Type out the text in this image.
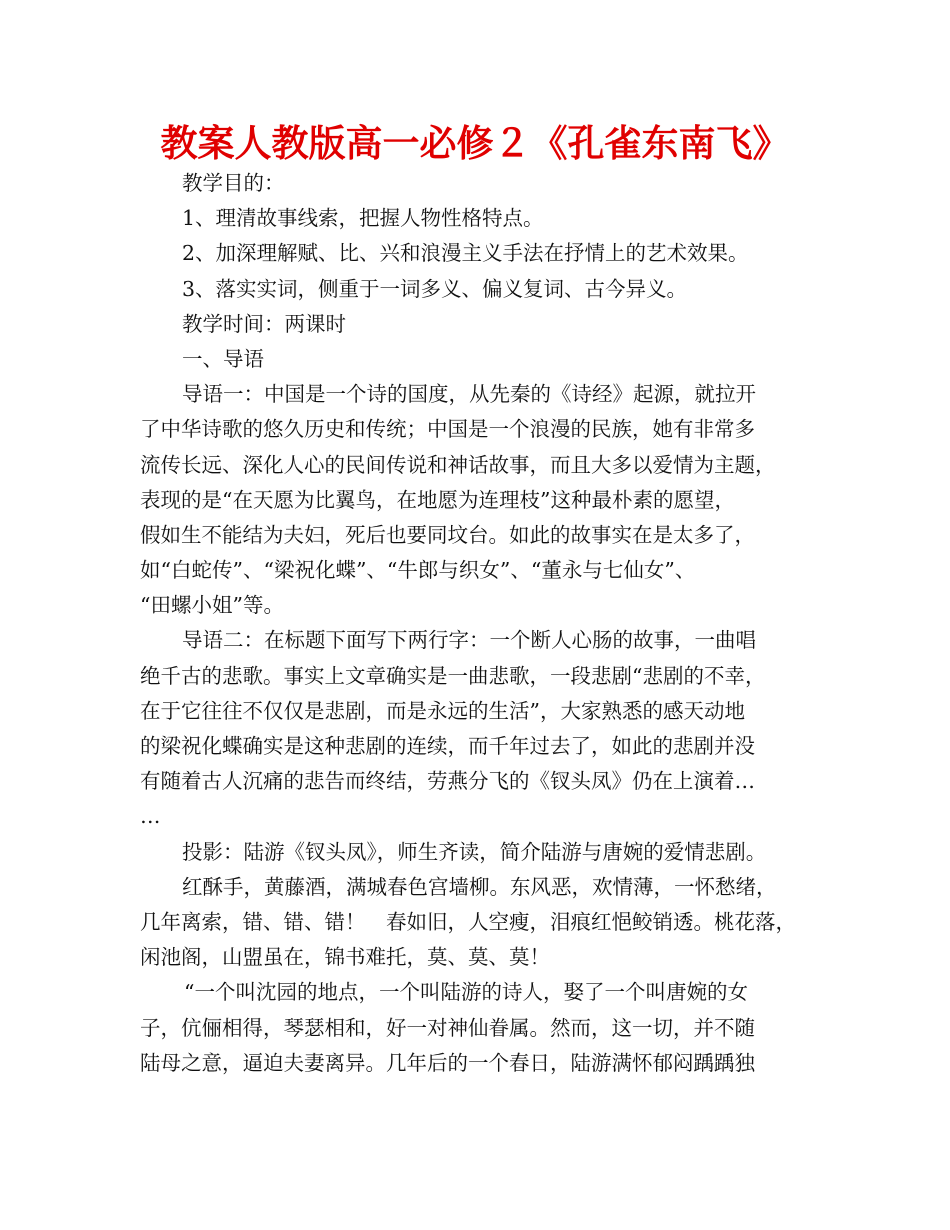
教案人教版高一必修２《孔雀东南飞》
教学目的：
1、理清故事线索，把握人物性格特点。
2、加深理解赋、比、兴和浪漫主义手法在抒情上的艺术效果。
3、落实实词，侧重于一词多义、偏义复词、古今异义。
教学时间：两课时
一、导语
导语一：中国是一个诗的国度，从先秦的《诗经》起源，就拉开
了中华诗歌的悠久历史和传统；中国是一个浪漫的民族，她有非常多
流传长远、深化人心的民间传说和神话故事，而且大多以爱情为主题，
表现的是“在天愿为比翼鸟，在地愿为连理枝”这种最朴素的愿望，
假如生不能结为夫妇，死后也要同坟台。如此的故事实在是太多了，
如“白蛇传”、“梁祝化蝶”、“牛郎与织女”、“董永与七仙女”、
“田螺小姐”等。
导语二：在标题下面写下两行字：一个断人心肠的故事，一曲唱
绝千古的悲歌。事实上文章确实是一曲悲歌，一段悲剧“悲剧的不幸，
在于它往往不仅仅是悲剧，而是永远的生活”，大家熟悉的感天动地
的梁祝化蝶确实是这种悲剧的连续，而千年过去了，如此的悲剧并没
有随着古人沉痛的悲告而终结，劳燕分飞的《钗头凤》仍在上演着…
…
投影：陆游《钗头凤》，师生齐读，简介陆游与唐婉的爱情悲剧。
红酥手，黄藤酒，满城春色宫墙柳。东风恶，欢情薄，一怀愁绪，
几年离索，错、错、错！　春如旧，人空瘦，泪痕红悒鲛销透。桃花落，
闲池阁，山盟虽在，锦书难托，莫、莫、莫！
“一个叫沈园的地点，一个叫陆游的诗人，娶了一个叫唐婉的女
子，伉俪相得，琴瑟相和，好一对神仙眷属。然而，这一切，并不随
陆母之意，逼迫夫妻离异。几年后的一个春日，陆游满怀郁闷踽踽独
